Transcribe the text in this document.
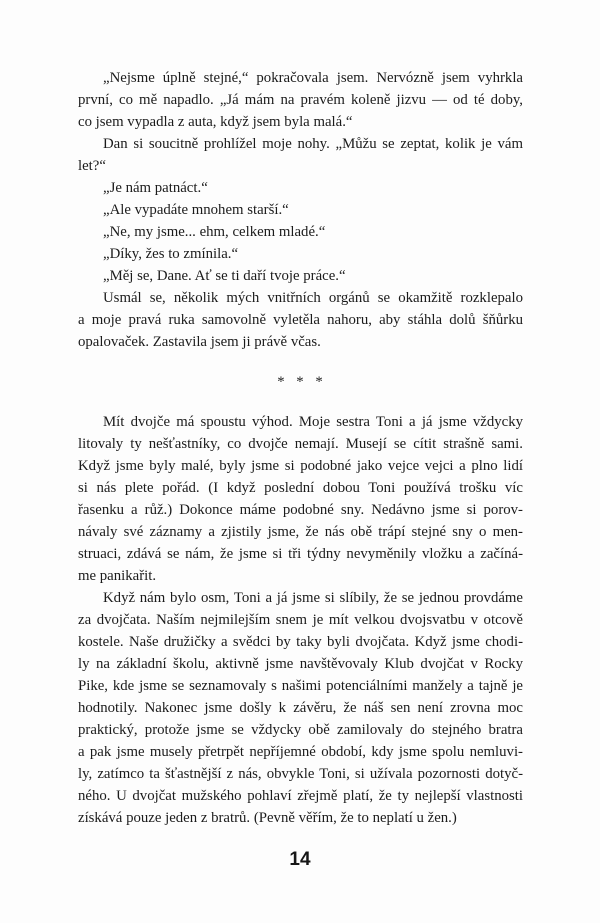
„Nejsme úplně stejné,“ pokračovala jsem. Nervózně jsem vyhrkla
první, co mě napadlo. „Já mám na pravém koleně jizvu — od té doby,
co jsem vypadla z auta, když jsem byla malá.“

Dan si soucitně prohlížel moje nohy. „Můžu se zeptat, kolik je vám
let?“

„Je nám patnáct.“

„Ale vypadáte mnohem starší.“

„Ne, my jsme... ehm, celkem mladé.“

„Díky, žes to zmínila.“

„Měj se, Dane. Ať se ti daří tvoje práce.“

Usmál se, několik mých vnitřních orgánů se okamžitě rozklepalo
a moje pravá ruka samovolně vyletěla nahoru, aby stáhla dolů šňůrku
opalovaček. Zastavila jsem ji právě včas.

* * *

Mít dvojče má spoustu výhod. Moje sestra Toni a já jsme vždycky
litovaly ty nešťastníky, co dvojče nemají. Musejí se cítit strašně sami.
Když jsme byly malé, byly jsme si podobné jako vejce vejci a plno lidí
si nás plete pořád. (I když poslední dobou Toni používá trošku víc
řasenku a růž.) Dokonce máme podobné sny. Nedávno jsme si porov-
návaly své záznamy a zjistily jsme, že nás obě trápí stejné sny o men-
struaci, zdává se nám, že jsme si tři týdny nevyměnily vložku a začíná-
me panikařit.

Když nám bylo osm, Toni a já jsme si slíbily, že se jednou provdáme
za dvojčata. Naším nejmilejším snem je mít velkou dvojsvatbu v otcově
kostele. Naše družičky a svědci by taky byli dvojčata. Když jsme chodi-
ly na základní školu, aktivně jsme navštěvovaly Klub dvojčat v Rocky
Pike, kde jsme se seznamovaly s našimi potenciálními manžely a tajně je
hodnotily. Nakonec jsme došly k závěru, že náš sen není zrovna moc
praktický, protože jsme se vždycky obě zamilovaly do stejného bratra
a pak jsme musely přetrpět nepříjemné období, kdy jsme spolu nemluvi-
ly, zatímco ta šťastnější z nás, obvykle Toni, si užívala pozornosti dotyč-
ného. U dvojčat mužského pohlaví zřejmě platí, že ty nejlepší vlastnosti
získává pouze jeden z bratrů. (Pevně věřím, že to neplatí u žen.)

14
